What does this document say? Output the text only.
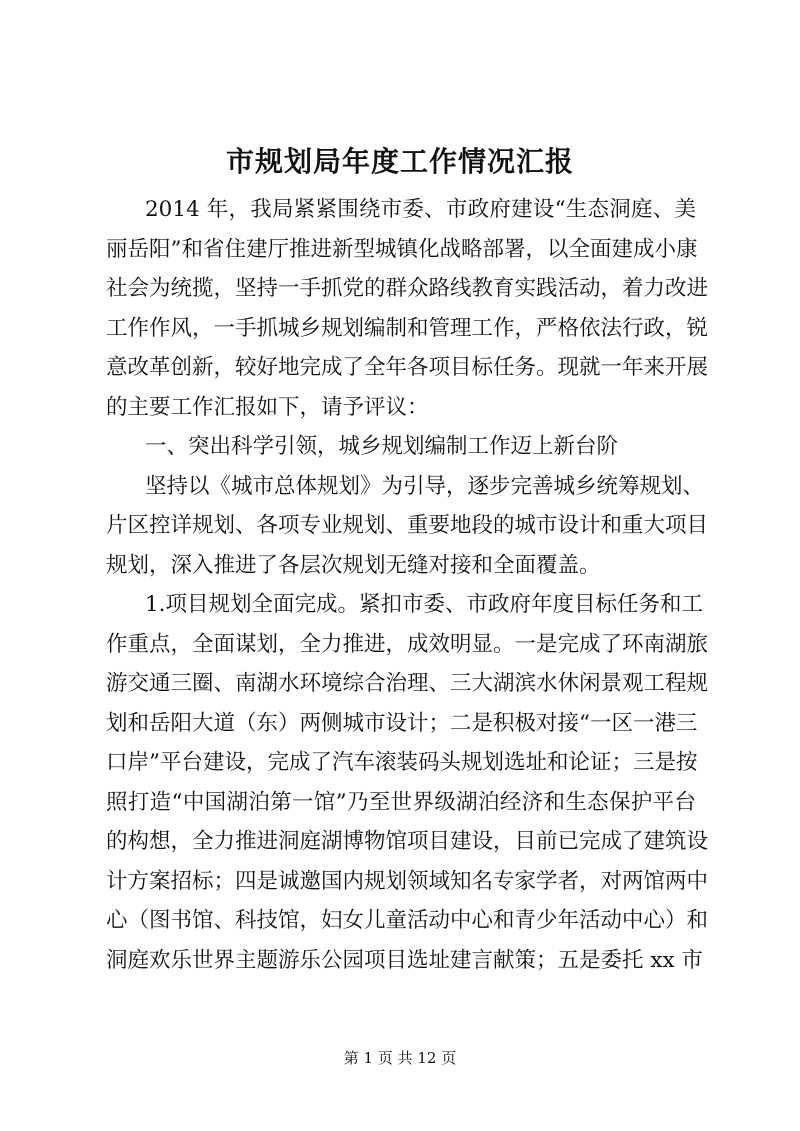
市规划局年度工作情况汇报
2014 年，我局紧紧围绕市委、市政府建设“生态洞庭、美
丽岳阳”和省住建厅推进新型城镇化战略部署，以全面建成小康
社会为统揽，坚持一手抓党的群众路线教育实践活动，着力改进
工作作风，一手抓城乡规划编制和管理工作，严格依法行政，锐
意改革创新，较好地完成了全年各项目标任务。现就一年来开展
的主要工作汇报如下，请予评议：
一、突出科学引领，城乡规划编制工作迈上新台阶
坚持以《城市总体规划》为引导，逐步完善城乡统筹规划、
片区控详规划、各项专业规划、重要地段的城市设计和重大项目
规划，深入推进了各层次规划无缝对接和全面覆盖。
1.项目规划全面完成。紧扣市委、市政府年度目标任务和工
作重点，全面谋划，全力推进，成效明显。一是完成了环南湖旅
游交通三圈、南湖水环境综合治理、三大湖滨水休闲景观工程规
划和岳阳大道（东）两侧城市设计；二是积极对接“一区一港三
口岸”平台建设，完成了汽车滚装码头规划选址和论证；三是按
照打造“中国湖泊第一馆”乃至世界级湖泊经济和生态保护平台
的构想，全力推进洞庭湖博物馆项目建设，目前已完成了建筑设
计方案招标；四是诚邀国内规划领域知名专家学者，对两馆两中
心（图书馆、科技馆，妇女儿童活动中心和青少年活动中心）和
洞庭欢乐世界主题游乐公园项目选址建言献策；五是委托 xx 市
第 1 页 共 12 页
